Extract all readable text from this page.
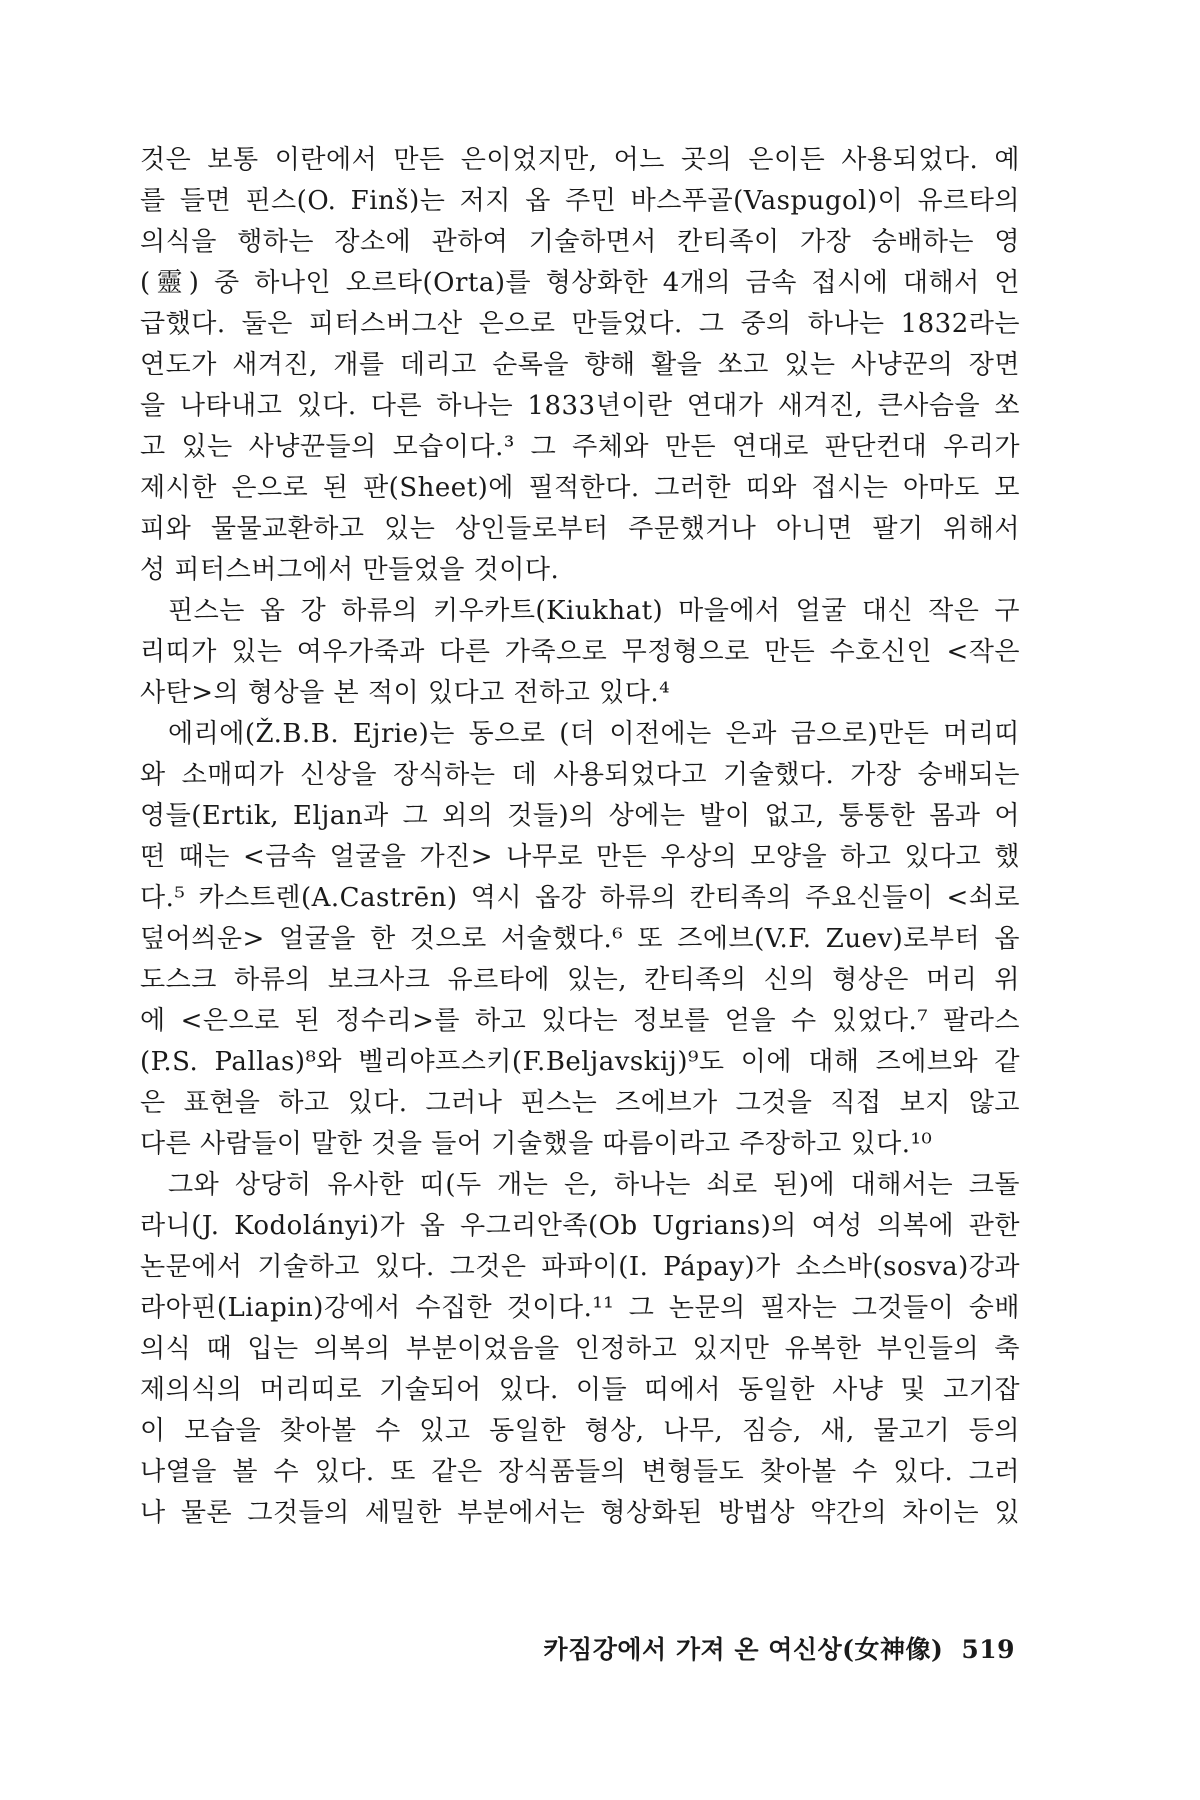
것은 보통 이란에서 만든 은이었지만, 어느 곳의 은이든 사용되었다. 예
를 들면 핀스(O. Finš)는 저지 옵 주민 바스푸골(Vaspugol)이 유르타의
의식을 행하는 장소에 관하여 기술하면서 칸티족이 가장 숭배하는 영
(靈) 중 하나인 오르타(Orta)를 형상화한 4개의 금속 접시에 대해서 언
급했다. 둘은 피터스버그산 은으로 만들었다. 그 중의 하나는 1832라는
연도가 새겨진, 개를 데리고 순록을 향해 활을 쏘고 있는 사냥꾼의 장면
을 나타내고 있다. 다른 하나는 1833년이란 연대가 새겨진, 큰사슴을 쏘
고 있는 사냥꾼들의 모습이다.³ 그 주체와 만든 연대로 판단컨대 우리가
제시한 은으로 된 판(Sheet)에 필적한다. 그러한 띠와 접시는 아마도 모
피와 물물교환하고 있는 상인들로부터 주문했거나 아니면 팔기 위해서
성 피터스버그에서 만들었을 것이다.
핀스는 옵 강 하류의 키우카트(Kiukhat) 마을에서 얼굴 대신 작은 구
리띠가 있는 여우가죽과 다른 가죽으로 무정형으로 만든 수호신인 <작은
사탄>의 형상을 본 적이 있다고 전하고 있다.⁴
에리에(Ž.B.B. Ejrie)는 동으로 (더 이전에는 은과 금으로)만든 머리띠
와 소매띠가 신상을 장식하는 데 사용되었다고 기술했다. 가장 숭배되는
영들(Ertik, Eljan과 그 외의 것들)의 상에는 발이 없고, 퉁퉁한 몸과 어
떤 때는 <금속 얼굴을 가진> 나무로 만든 우상의 모양을 하고 있다고 했
다.⁵ 카스트렌(A.Castrēn) 역시 옵강 하류의 칸티족의 주요신들이 <쇠로
덮어씌운> 얼굴을 한 것으로 서술했다.⁶ 또 즈에브(V.F. Zuev)로부터 옵
도스크 하류의 보크사크 유르타에 있는, 칸티족의 신의 형상은 머리 위
에 <은으로 된 정수리>를 하고 있다는 정보를 얻을 수 있었다.⁷ 팔라스
(P.S. Pallas)⁸와 벨리야프스키(F.Beljavskij)⁹도 이에 대해 즈에브와 같
은 표현을 하고 있다. 그러나 핀스는 즈에브가 그것을 직접 보지 않고
다른 사람들이 말한 것을 들어 기술했을 따름이라고 주장하고 있다.¹⁰
그와 상당히 유사한 띠(두 개는 은, 하나는 쇠로 된)에 대해서는 크돌
라니(J. Kodolányi)가 옵 우그리안족(Ob Ugrians)의 여성 의복에 관한
논문에서 기술하고 있다. 그것은 파파이(I. Pápay)가 소스바(sosva)강과
라아핀(Liapin)강에서 수집한 것이다.¹¹ 그 논문의 필자는 그것들이 숭배
의식 때 입는 의복의 부분이었음을 인정하고 있지만 유복한 부인들의 축
제의식의 머리띠로 기술되어 있다. 이들 띠에서 동일한 사냥 및 고기잡
이 모습을 찾아볼 수 있고 동일한 형상, 나무, 짐승, 새, 물고기 등의
나열을 볼 수 있다. 또 같은 장식품들의 변형들도 찾아볼 수 있다. 그러
나 물론 그것들의 세밀한 부분에서는 형상화된 방법상 약간의 차이는 있
카짐강에서 가져 온 여신상(女神像) 519
